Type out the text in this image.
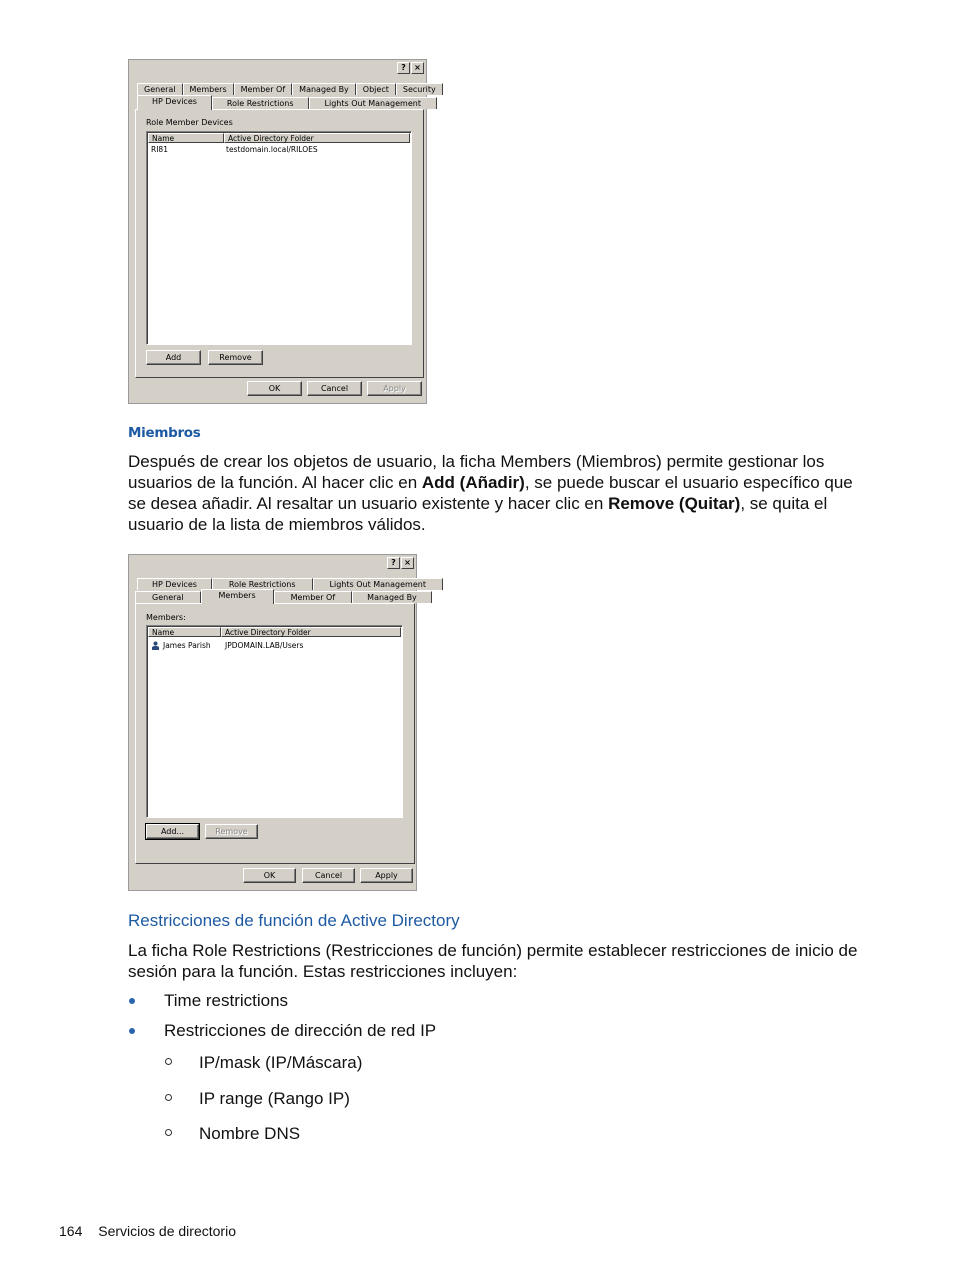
?	×
General	Members	Member Of	Managed By	Object	Security
HP Devices	Role Restrictions	Lights Out Management
Role Member Devices
Name	Active Directory Folder
RI81	testdomain.local/RILOES
Add	Remove
OK	Cancel	Apply
Miembros
Después de crear los objetos de usuario, la ficha Members (Miembros) permite gestionar los usuarios de la función. Al hacer clic en Add (Añadir), se puede buscar el usuario específico que se desea añadir. Al resaltar un usuario existente y hacer clic en Remove (Quitar), se quita el usuario de la lista de miembros válidos.
?	×
HP Devices	Role Restrictions	Lights Out Management
General	Members	Member Of	Managed By
Members:
Name	Active Directory Folder
James Parish	JPDOMAIN.LAB/Users
Add...	Remove
OK	Cancel	Apply
Restricciones de función de Active Directory
La ficha Role Restrictions (Restricciones de función) permite establecer restricciones de inicio de sesión para la función. Estas restricciones incluyen:
Time restrictions
Restricciones de dirección de red IP
IP/mask (IP/Máscara)
IP range (Rango IP)
Nombre DNS
164 Servicios de directorio
